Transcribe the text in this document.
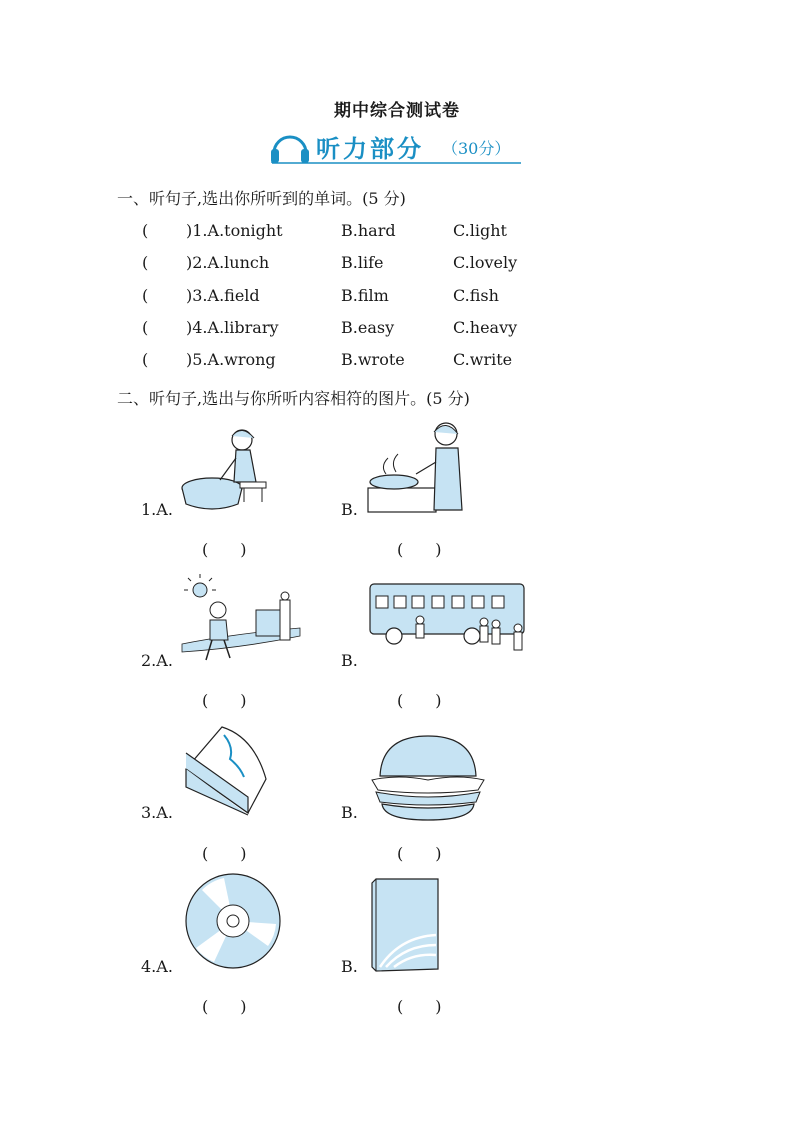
期中综合测试卷
听力部分 （30分）
一、听句子,选出你所听到的单词。(5 分)
( )1.A.tonight	B.hard	C.light
( )2.A.lunch	B.life	C.lovely
( )3.A.field	B.film	C.fish
( )4.A.library	B.easy	C.heavy
( )5.A.wrong	B.wrote	C.write
二、听句子,选出与你所听内容相符的图片。(5 分)
1.A.	B.
(　　)	(　　)
2.A.	B.
(　　)	(　　)
3.A.	B.
(　　)	(　　)
4.A.	B.
(　　)	(　　)
